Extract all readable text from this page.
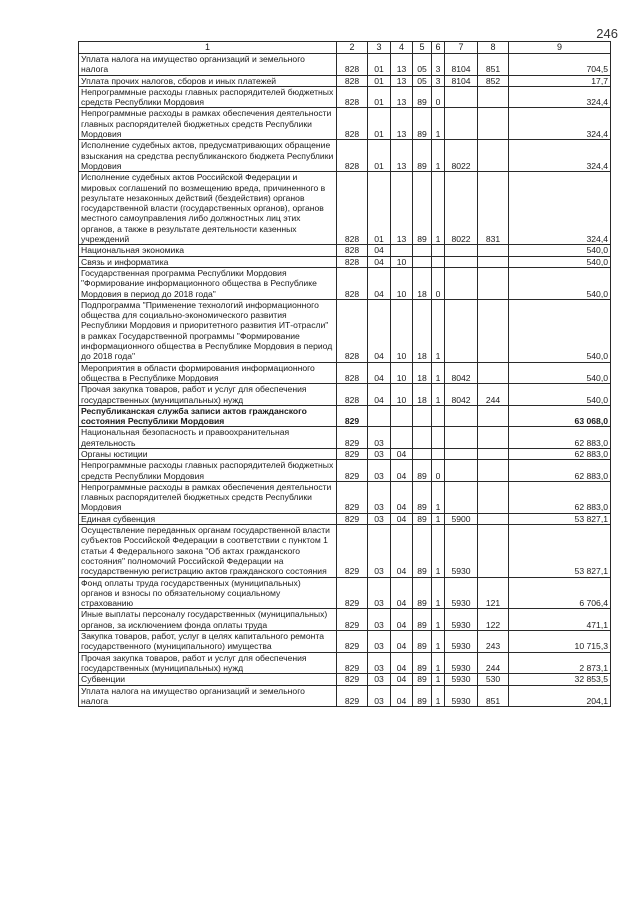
246
1	2	3	4	5	6	7	8	9
Уплата налога на имущество организаций и земельного налога	828	01	13	05	3	8104	851	704,5
Уплата прочих налогов, сборов и иных платежей	828	01	13	05	3	8104	852	17,7
Непрограммные расходы главных распорядителей бюджетных средств Республики Мордовия	828	01	13	89	0			324,4
Непрограммные расходы в рамках обеспечения деятельности главных распорядителей бюджетных средств Республики Мордовия	828	01	13	89	1			324,4
Исполнение судебных актов, предусматривающих обращение взыскания на средства республиканского бюджета Республики Мордовия	828	01	13	89	1	8022		324,4
Исполнение судебных актов Российской Федерации и мировых соглашений по возмещению вреда, причиненного в результате незаконных действий (бездействия) органов государственной власти (государственных органов), органов местного самоуправления либо должностных лиц этих органов, а также в результате деятельности казенных учреждений	828	01	13	89	1	8022	831	324,4
Национальная экономика	828	04						540,0
Связь и информатика	828	04	10					540,0
Государственная программа Республики Мордовия "Формирование информационного общества в Республике Мордовия в период до 2018 года"	828	04	10	18	0			540,0
Подпрограмма "Применение технологий информационного общества для социально-экономического развития Республики Мордовия и приоритетного развития ИТ-отрасли" в рамках Государственной программы "Формирование информационного общества в Республике Мордовия в период до 2018 года"	828	04	10	18	1			540,0
Мероприятия в области формирования информационного общества в Республике Мордовия	828	04	10	18	1	8042		540,0
Прочая закупка товаров, работ и услуг для обеспечения государственных (муниципальных) нужд	828	04	10	18	1	8042	244	540,0
Республиканская служба записи актов гражданского состояния Республики Мордовия	829							63 068,0
Национальная безопасность и правоохранительная деятельность	829	03						62 883,0
Органы юстиции	829	03	04					62 883,0
Непрограммные расходы главных распорядителей бюджетных средств Республики Мордовия	829	03	04	89	0			62 883,0
Непрограммные расходы в рамках обеспечения деятельности главных распорядителей бюджетных средств Республики Мордовия	829	03	04	89	1			62 883,0
Единая субвенция	829	03	04	89	1	5900		53 827,1
Осуществление переданных органам государственной власти субъектов Российской Федерации в соответствии с пунктом 1 статьи 4 Федерального закона "Об актах гражданского состояния" полномочий Российской Федерации на государственную регистрацию актов гражданского состояния	829	03	04	89	1	5930		53 827,1
Фонд оплаты труда государственных (муниципальных) органов и взносы по обязательному социальному страхованию	829	03	04	89	1	5930	121	6 706,4
Иные выплаты персоналу государственных (муниципальных) органов, за исключением фонда оплаты труда	829	03	04	89	1	5930	122	471,1
Закупка товаров, работ, услуг в целях капитального ремонта государственного (муниципального) имущества	829	03	04	89	1	5930	243	10 715,3
Прочая закупка товаров, работ и услуг для обеспечения государственных (муниципальных) нужд	829	03	04	89	1	5930	244	2 873,1
Субвенции	829	03	04	89	1	5930	530	32 853,5
Уплата налога на имущество организаций и земельного налога	829	03	04	89	1	5930	851	204,1
